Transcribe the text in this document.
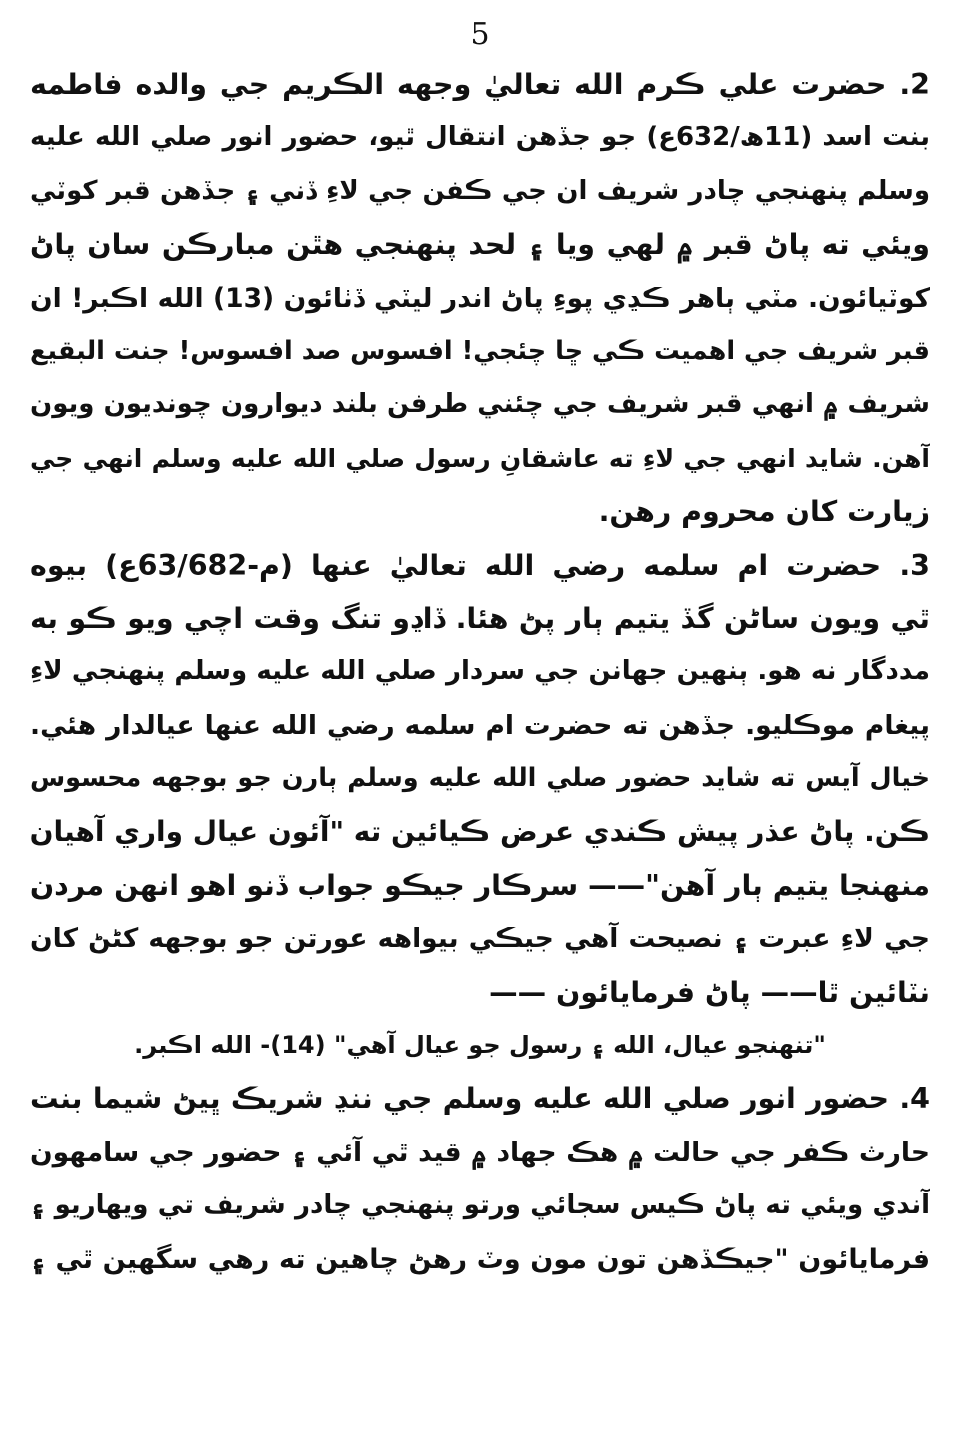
5
2. حضرت علي ڪرم الله تعاليٰ وجهه الڪريم جي والده فاطمه
بنت اسد (11ھ/632ع) جو جڏهن انتقال ٿيو، حضور انور صلي الله عليه
وسلم پنهنجي چادر شريف ان جي ڪفن جي لاءِ ڏني ۽ جڏهن قبر کوٽي
ويئي ته پاڻ قبر ۾ لهي ويا ۽ لحد پنهنجي هٿن مبارڪن سان پاڻ
کوٽيائون. مٽي ٻاهر ڪڍي پوءِ پاڻ اندر ليٽي ڏٺائون (13) الله اڪبر! ان
قبر شريف جي اهميت ڪي ڇا چئجي! افسوس صد افسوس! جنت البقيع
شريف ۾ انهي قبر شريف جي چئني طرفن بلند ديوارون چونديون ويون
آهن. شايد انهي جي لاءِ ته عاشقانِ رسول صلي الله عليه وسلم انهي جي
زيارت کان محروم رهن.
3. حضرت ام سلمه رضي الله تعاليٰ عنها (م-63/682ع) بيوه
ٿي ويون ساڻن گڏ يتيم ٻار پڻ هئا. ڏاڍو تنگ وقت اچي ويو ڪو به
مددگار نه هو. ٻنهين جهانن جي سردار صلي الله عليه وسلم پنهنجي لاءِ
پيغام موڪليو. جڏهن ته حضرت ام سلمه رضي الله عنها عيالدار هئي.
خيال آيس ته شايد حضور صلي الله عليه وسلم ٻارن جو بوجهه محسوس
ڪن. پاڻ عذر پيش ڪندي عرض ڪيائين ته "آئون عيال واري آهيان
منهنجا يتيم ٻار آهن"—— سرڪار جيڪو جواب ڏنو اهو انهن مردن
جي لاءِ عبرت ۽ نصيحت آهي جيڪي بيواهه عورتن جو بوجهه کڻڻ کان
نٽائين ٿا—— پاڻ فرمايائون ——
"تنهنجو عيال، الله ۽ رسول جو عيال آهي" (14)- الله اڪبر.
4. حضور انور صلي الله عليه وسلم جي ننڍ شريڪ ڀيڻ شيما بنت
حارث ڪفر جي حالت ۾ هڪ جهاد ۾ قيد ٿي آئي ۽ حضور جي سامهون
آندي ويئي ته پاڻ ڪيس سجائي ورتو پنهنجي چادر شريف تي ويهاريو ۽
فرمايائون "جيڪڏهن تون مون وٽ رهڻ چاهين ته رهي سگهين ٿي ۽
